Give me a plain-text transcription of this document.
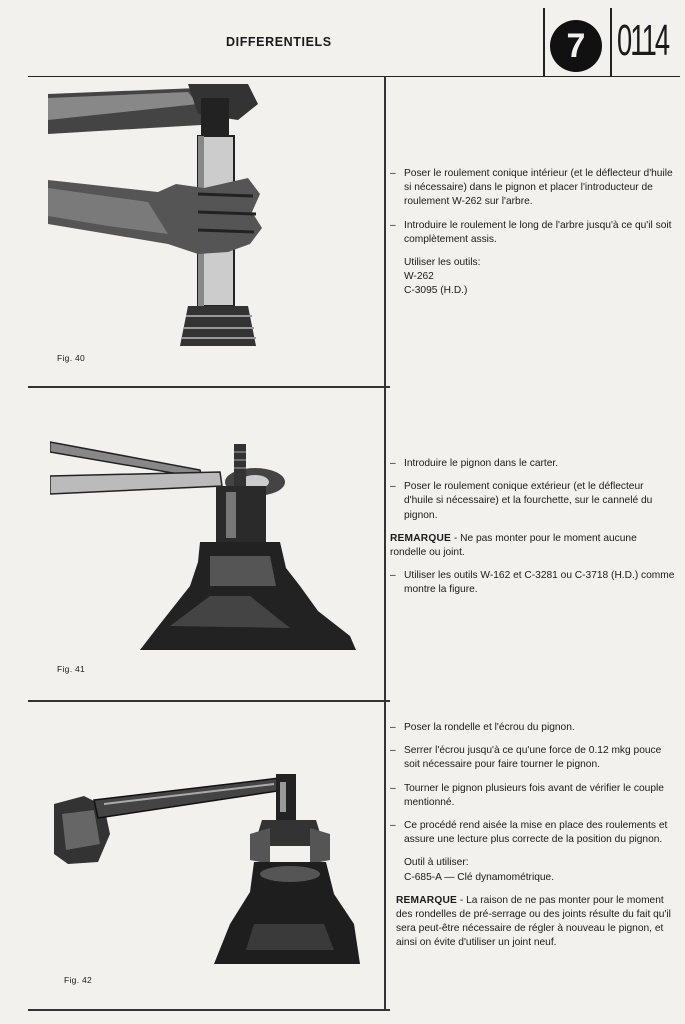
DIFFERENTIELS	7 0114
Fig. 40
– Poser le roulement conique intérieur (et le déflecteur d'huile si nécessaire) dans le pignon et placer l'introducteur de roulement W-262 sur l'arbre.
– Introduire le roulement le long de l'arbre jusqu'à ce qu'il soit complètement assis.
Utiliser les outils:
W-262
C-3095 (H.D.)
Fig. 41
– Introduire le pignon dans le carter.
– Poser le roulement conique extérieur (et le déflecteur d'huile si nécessaire) et la fourchette, sur le cannelé du pignon.
REMARQUE - Ne pas monter pour le moment aucune rondelle ou joint.
– Utiliser les outils W-162 et C-3281 ou C-3718 (H.D.) comme montre la figure.
Fig. 42
– Poser la rondelle et l'écrou du pignon.
– Serrer l'écrou jusqu'à ce qu'une force de 0.12 mkg pouce soit nécessaire pour faire tourner le pignon.
– Tourner le pignon plusieurs fois avant de vérifier le couple mentionné.
– Ce procédé rend aisée la mise en place des roulements et assure une lecture plus correcte de la position du pignon.
Outil à utiliser:
C-685-A — Clé dynamométrique.
REMARQUE - La raison de ne pas monter pour le moment des rondelles de pré-serrage ou des joints résulte du fait qu'il sera peut-être nécessaire de régler à nouveau le pignon, et ainsi on évite d'utiliser un joint neuf.
